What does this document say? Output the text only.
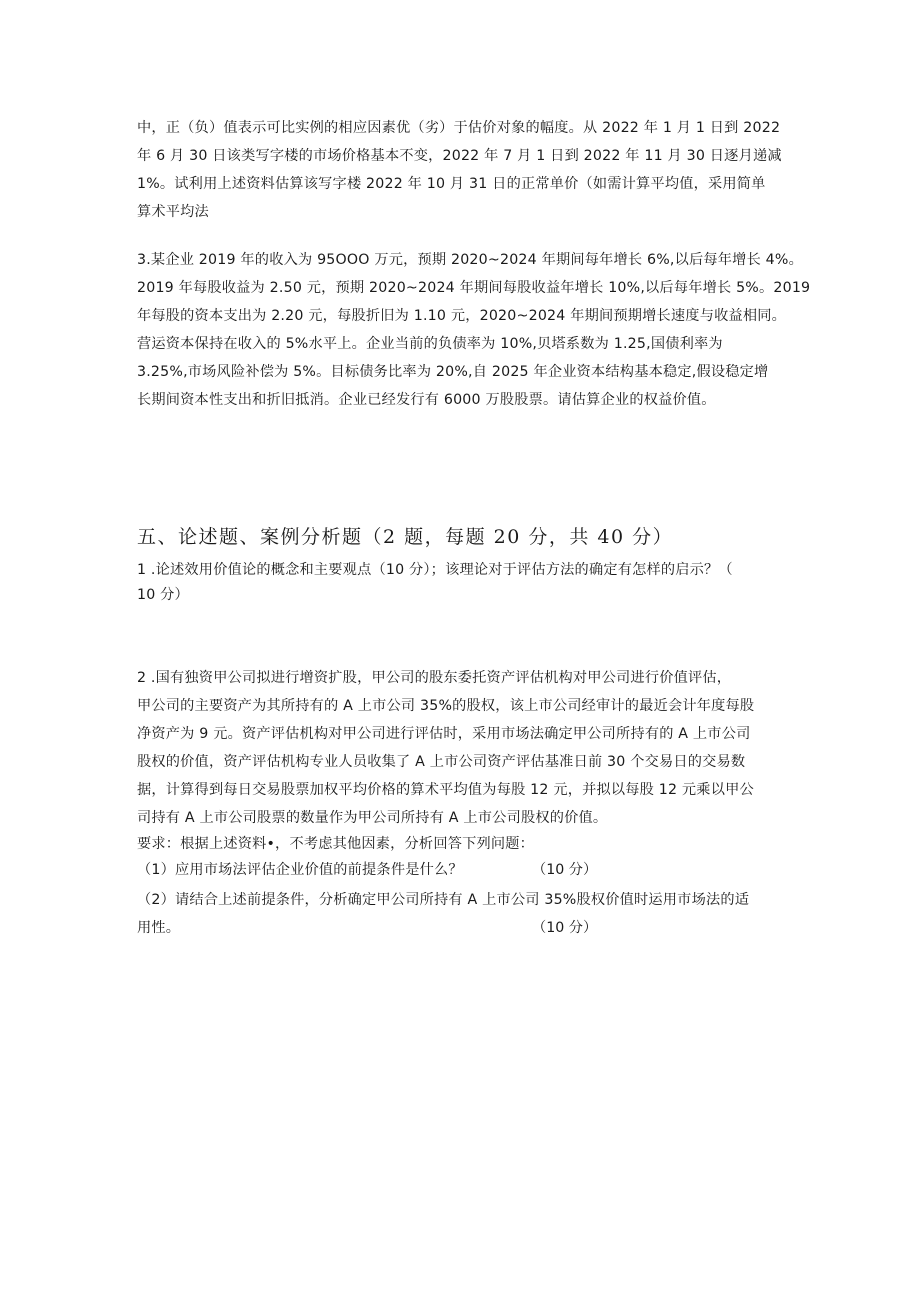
中，正（负）值表示可比实例的相应因素优（劣）于估价对象的幅度。从 2022 年 1 月 1 日到 2022
年 6 月 30 日该类写字楼的市场价格基本不变，2022 年 7 月 1 日到 2022 年 11 月 30 日逐月递减
1%。试利用上述资料估算该写字楼 2022 年 10 月 31 日的正常单价（如需计算平均值，采用简单
算术平均法
3.某企业 2019 年的收入为 95OOO 万元，预期 2020~2024 年期间每年增长 6%,以后每年增长 4%。
2019 年每股收益为 2.50 元，预期 2020~2024 年期间每股收益年增长 10%,以后每年增长 5%。2019
年每股的资本支出为 2.20 元，每股折旧为 1.10 元，2020~2024 年期间预期增长速度与收益相同。
营运资本保持在收入的 5%水平上。企业当前的负债率为 10%,贝塔系数为 1.25,国债利率为
3.25%,市场风险补偿为 5%。目标债务比率为 20%,自 2025 年企业资本结构基本稳定,假设稳定增
长期间资本性支出和折旧抵消。企业已经发行有 6000 万股股票。请估算企业的权益价值。
五、论述题、案例分析题（2 题，每题 20 分，共 40 分）
1 .论述效用价值论的概念和主要观点（10 分）；该理论对于评估方法的确定有怎样的启示？（
10 分）
2 .国有独资甲公司拟进行增资扩股，甲公司的股东委托资产评估机构对甲公司进行价值评估，
甲公司的主要资产为其所持有的 A 上市公司 35%的股权，该上市公司经审计的最近会计年度每股
净资产为 9 元。资产评估机构对甲公司进行评估时，采用市场法确定甲公司所持有的 A 上市公司
股权的价值，资产评估机构专业人员收集了 A 上市公司资产评估基准日前 30 个交易日的交易数
据，计算得到每日交易股票加权平均价格的算术平均值为每股 12 元，并拟以每股 12 元乘以甲公
司持有 A 上市公司股票的数量作为甲公司所持有 A 上市公司股权的价值。
要求：根据上述资料•，不考虑其他因素，分析回答下列问题：
（1）应用市场法评估企业价值的前提条件是什么？	（10 分）
（2）请结合上述前提条件，分析确定甲公司所持有 A 上市公司 35%股权价值时运用市场法的适
用性。	（10 分）
